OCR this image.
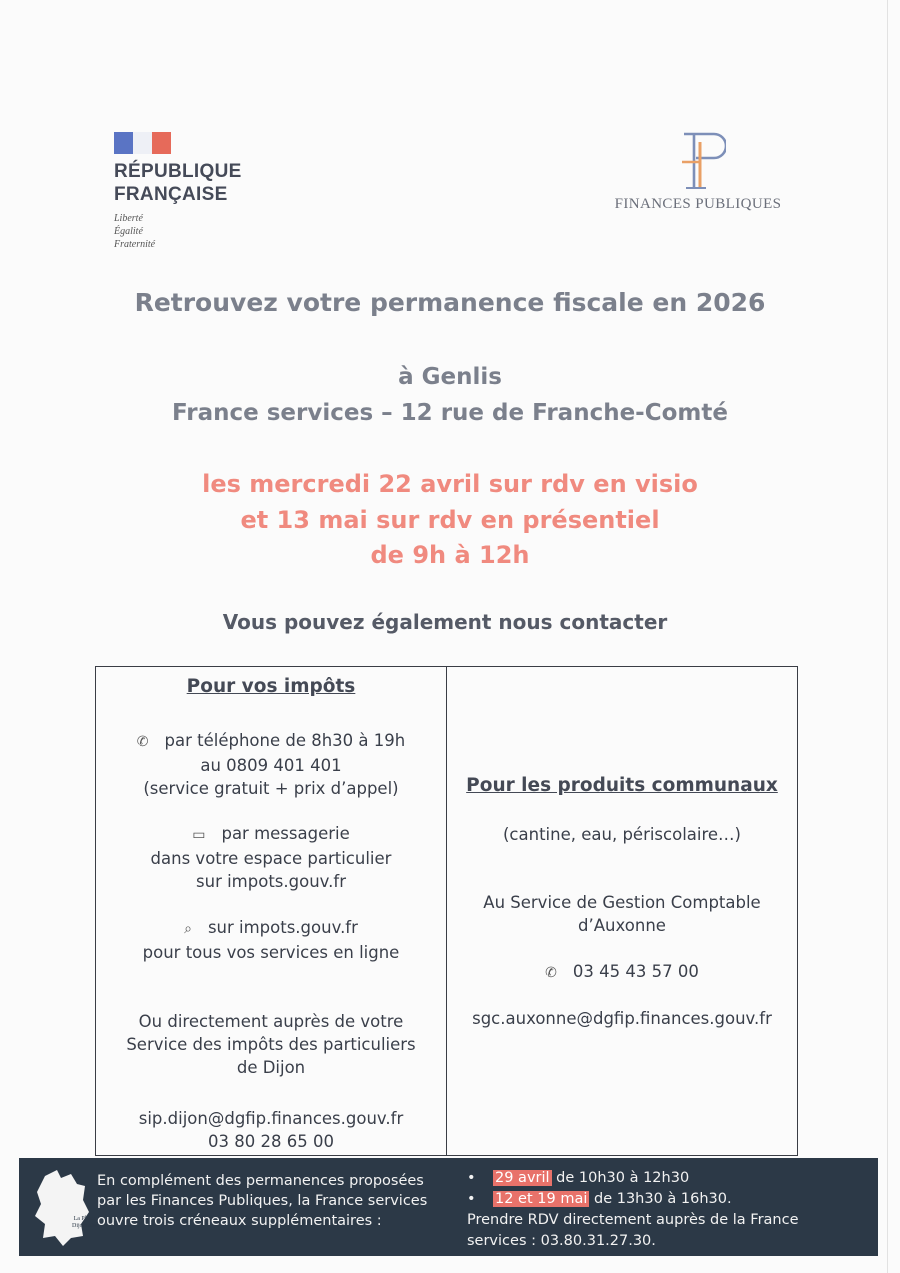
RÉPUBLIQUE
FRANÇAISE
Liberté
Égalité
Fraternité
FINANCES PUBLIQUES
Retrouvez votre permanence fiscale en 2026
à Genlis
France services – 12 rue de Franche-Comté
les mercredi 22 avril sur rdv en visio
et 13 mai sur rdv en présentiel
de 9h à 12h
Vous pouvez également nous contacter
Pour vos impôts
✆ par téléphone de 8h30 à 19h
au 0809 401 401
(service gratuit + prix d’appel)
▭ par messagerie
dans votre espace particulier
sur impots.gouv.fr
⌕ sur impots.gouv.fr
pour tous vos services en ligne
Ou directement auprès de votre
Service des impôts des particuliers
de Dijon
sip.dijon@dgfip.finances.gouv.fr
03 80 28 65 00
Pour les produits communaux
(cantine, eau, périscolaire…)
Au Service de Gestion Comptable
d’Auxonne
✆ 03 45 43 57 00
sgc.auxonne@dgfip.finances.gouv.fr
La Plaine
Dijonnaise
En complément des permanences proposées
par les Finances Publiques, la France services
ouvre trois créneaux supplémentaires :
• 29 avril de 10h30 à 12h30
• 12 et 19 mai de 13h30 à 16h30.
Prendre RDV directement auprès de la France
services : 03.80.31.27.30.
